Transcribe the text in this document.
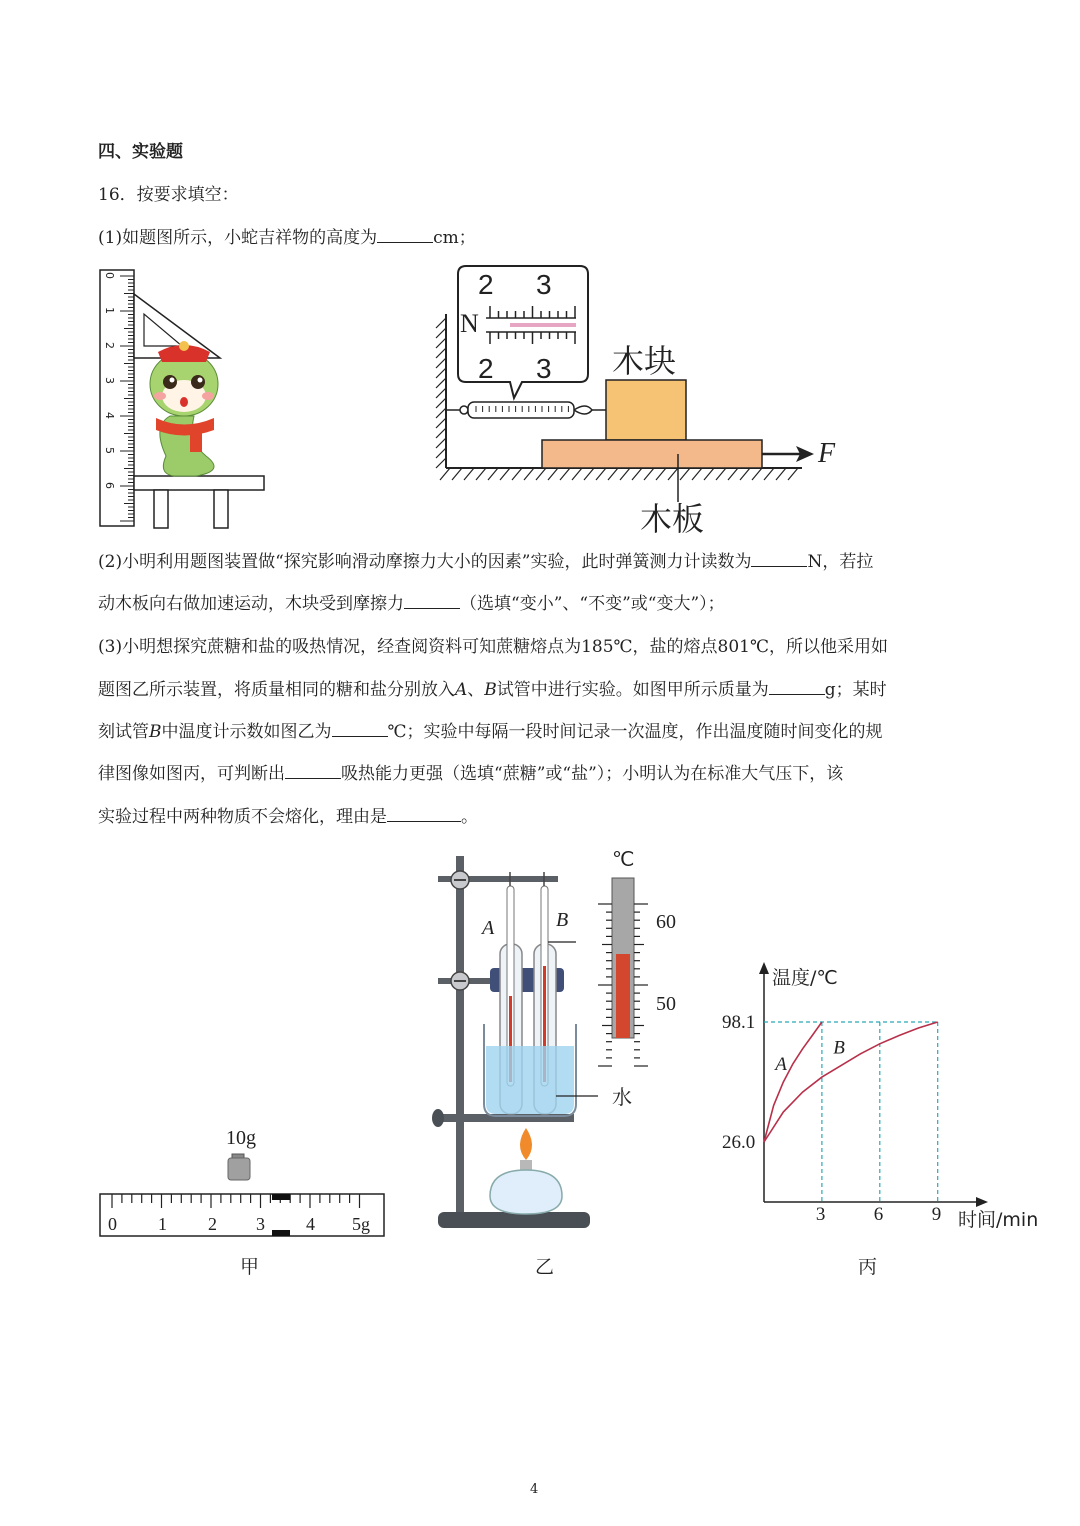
四、实验题
16．按要求填空：
(1)如题图所示，小蛇吉祥物的高度为	cm；
0
1
2
3
4
5
6
2 3
N
2 3 木块
木板
F
(2)小明利用题图装置做“探究影响滑动摩擦力大小的因素”实验，此时弹簧测力计读数为	N，若拉
动木板向右做加速运动，木块受到摩擦力	（选填“变小”、“不变”或“变大”）；
(3)小明想探究蔗糖和盐的吸热情况，经查阅资料可知蔗糖熔点为185℃，盐的熔点801℃，所以他采用如
题图乙所示装置，将质量相同的糖和盐分别放入A、B试管中进行实验。如图甲所示质量为	g；某时
刻试管B中温度计示数如图乙为	℃；实验中每隔一段时间记录一次温度，作出温度随时间变化的规
律图像如图丙，可判断出	吸热能力更强（选填“蔗糖”或“盐”）；小明认为在标准大气压下，该
实验过程中两种物质不会熔化，理由是	。
10g
0 1 2 3 4 5g
甲
A	B
水
℃
60
50
乙
温度/℃
时间/min
3	6	9
26.0
98.1
A
B
丙
4
